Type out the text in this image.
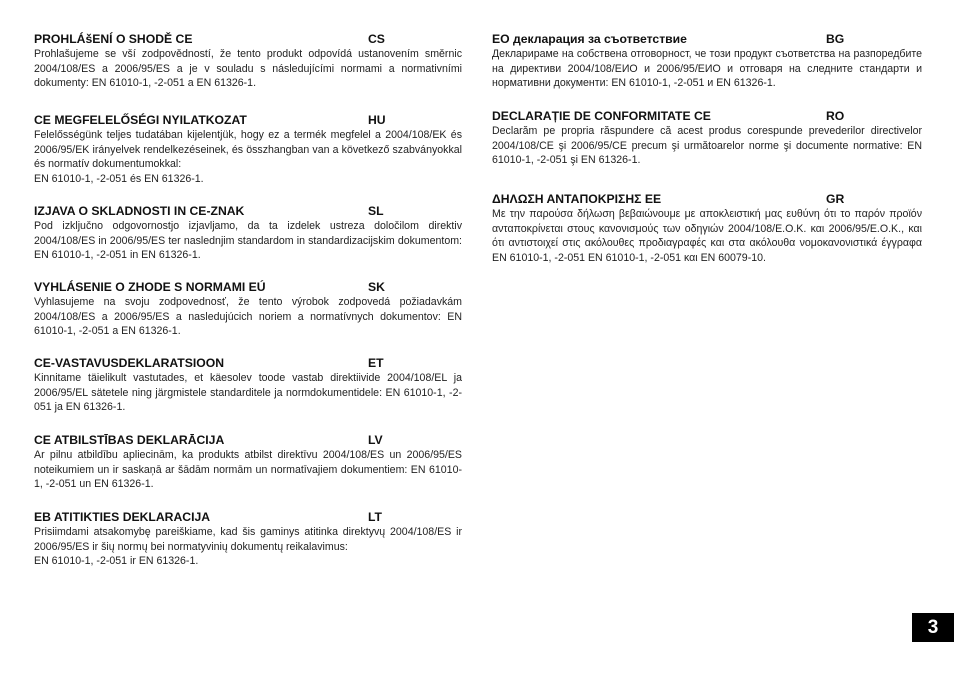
PROHLÁšENÍ O SHODĚ CE	CS
Prohlašujeme se vší zodpovědností, že tento produkt odpovídá ustanovením směrnic 2004/108/ES a 2006/95/ES a je v souladu s následujícími normami a normativními dokumenty: EN 61010-1, -2-051 a EN 61326-1.
CE MEGFELELŐSÉGI NYILATKOZAT	HU
Felelősségünk teljes tudatában kijelentjük, hogy ez a termék megfelel a 2004/108/EK és 2006/95/EK irányelvek rendelkezéseinek, és összhangban van a következő szabványokkal és normatív dokumentumokkal:
EN 61010-1, -2-051 és EN 61326-1.
IZJAVA O SKLADNOSTI IN CE-ZNAK	SL
Pod izključno odgovornostjo izjavljamo, da ta izdelek ustreza določilom direktiv 2004/108/ES in 2006/95/ES ter naslednjim standardom in standardizacijskim dokumentom: EN 61010-1, -2-051 in EN 61326-1.
VYHLÁSENIE O ZHODE S NORMAMI EÚ	SK
Vyhlasujeme na svoju zodpovednosť, že tento výrobok zodpovedá požiadavkám 2004/108/ES a 2006/95/ES a nasledujúcich noriem a normatívnych dokumentov: EN 61010-1, -2-051 a EN 61326-1.
CE-VASTAVUSDEKLARATSIOON	ET
Kinnitame täielikult vastutades, et käesolev toode vastab direktiivide 2004/108/EL ja 2006/95/EL sätetele ning järgmistele standarditele ja normdokumentidele: EN 61010-1, -2-051 ja EN 61326-1.
CE ATBILSTĪBAS DEKLARĀCIJA	LV
Ar pilnu atbildību apliecinām, ka produkts atbilst direktīvu 2004/108/ES un 2006/95/ES noteikumiem un ir saskaņā ar šādām normām un normatīvajiem dokumentiem: EN 61010-1, -2-051 un EN 61326-1.
EB ATITIKTIES DEKLARACIJA	LT
Prisiimdami atsakomybę pareiškiame, kad šis gaminys atitinka direktyvų 2004/108/ES ir 2006/95/ES ir šių normų bei normatyvinių dokumentų reikalavimus:
EN 61010-1, -2-051 ir EN 61326-1.
ЕО декларация за съответствие	BG
Декларираме на собствена отговорност, че този продукт съответства на разпоредбите на директиви 2004/108/ЕИО и 2006/95/ЕИО и отговаря на следните стандарти и нормативни документи: EN 61010-1, -2-051 и EN 61326-1.
DECLARAȚIE DE CONFORMITATE CE	RO
Declarăm pe propria răspundere că acest produs corespunde prevederilor directivelor 2004/108/CE şi 2006/95/CE precum şi următoarelor norme şi documente normative: EN 61010-1, -2-051 şi EN 61326-1.
ΔΗΛΩΣΗ ΑΝΤΑΠΟΚΡΙΣΗΣ ΕΕ	GR
Με την παρούσα δήλωση βεβαιώνουμε με αποκλειστική μας ευθύνη ότι το παρόν προϊόν ανταποκρίνεται στους κανονισμούς των οδηγιών 2004/108/Ε.Ο.Κ. και 2006/95/Ε.Ο.Κ., και ότι αντιστοιχεί στις ακόλουθες προδιαγραφές και στα ακόλουθα νομοκανονιστικά έγγραφα EN 61010-1, -2-051 EN 61010-1, -2-051 και EN 60079-10.
3
